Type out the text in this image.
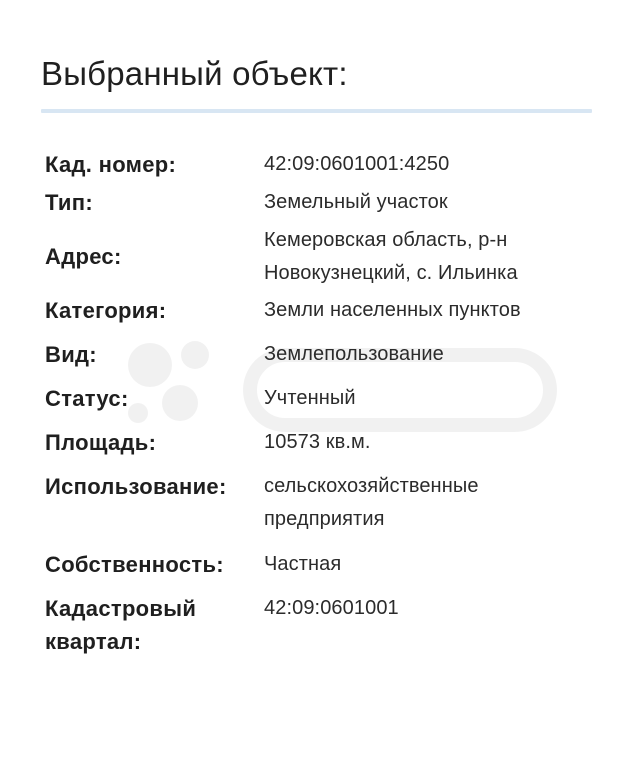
Выбранный объект:
Кад. номер:	42:09:0601001:4250
Тип:	Земельный участок
Адрес:
Кемеровская область, р-н Новокузнецкий, с. Ильинка
Категория:	Земли населенных пунктов
Вид:	Землепользование
Статус:	Учтенный
Площадь:	10573 кв.м.
Использование:	сельскохозяйственные предприятия
Собственность:	Частная
Кадастровый квартал:
42:09:0601001
